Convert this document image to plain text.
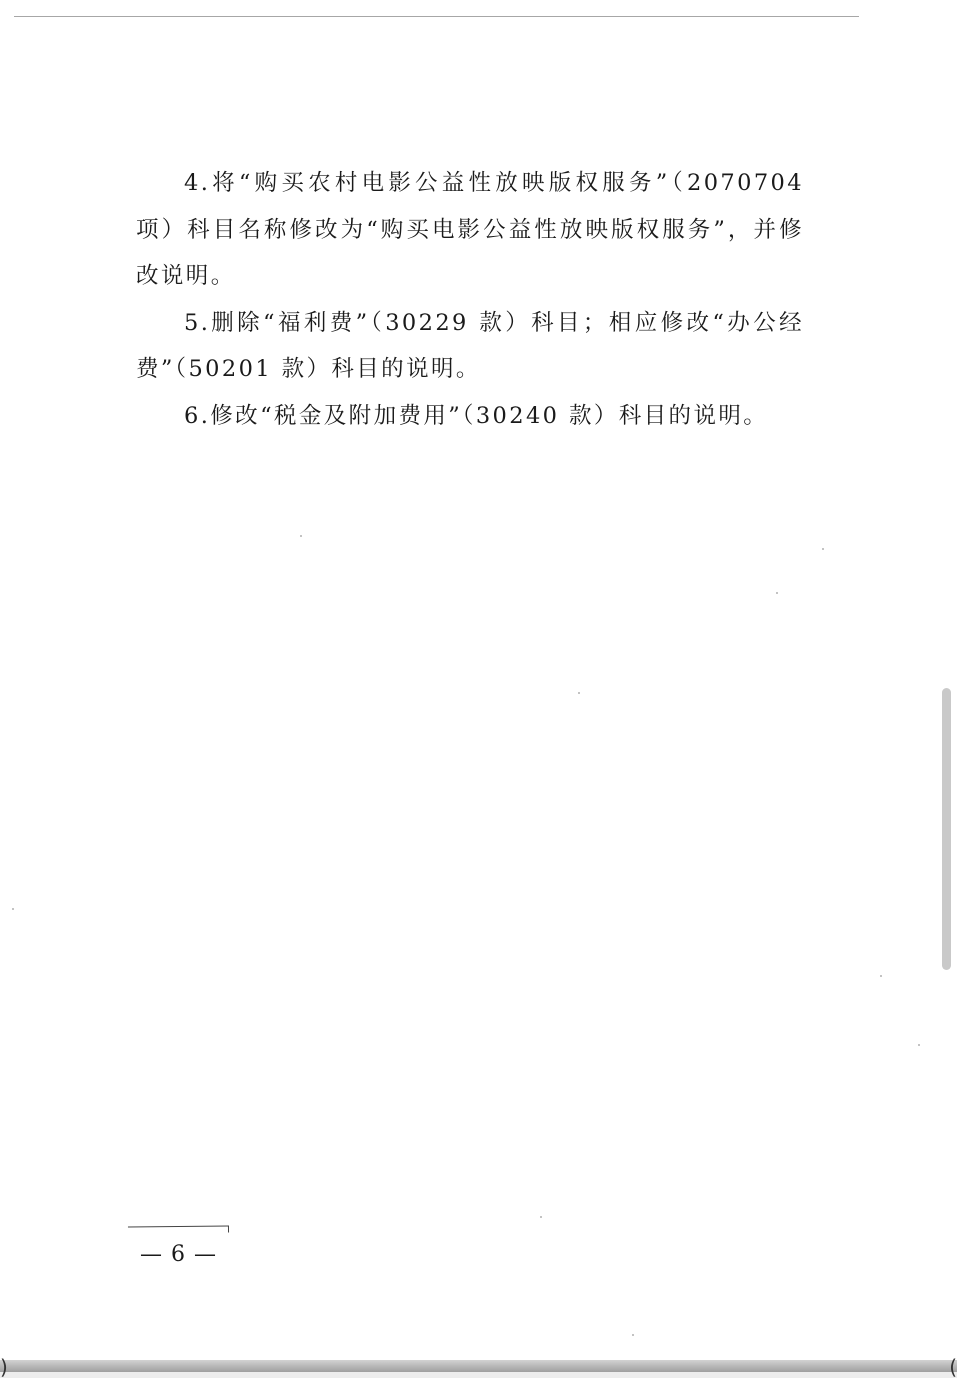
4.将“购买农村电影公益性放映版权服务”（2070704 项）科目名称修改为“购买电影公益性放映版权服务”，并修改说明。

5.删除“福利费”（30229 款）科目；相应修改“办公经费”（50201 款）科目的说明。

6.修改“税金及附加费用”（30240 款）科目的说明。

— 6 —
)	(
